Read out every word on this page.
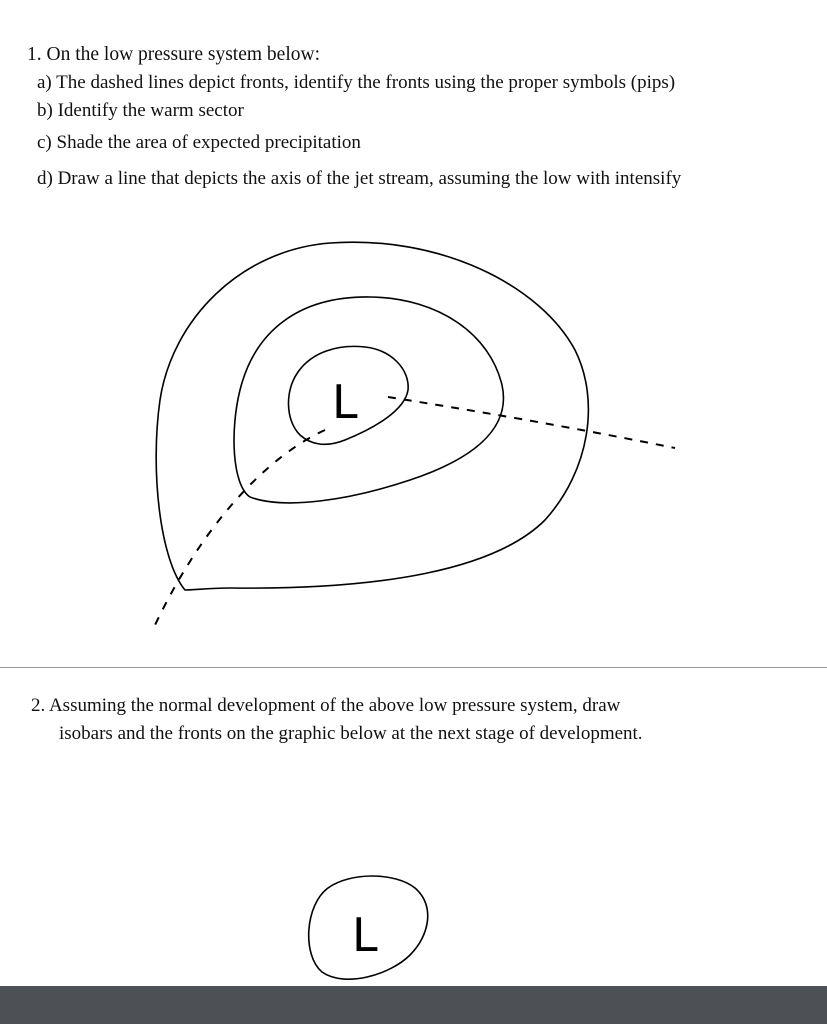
1. On the low pressure system below:
a) The dashed lines depict fronts, identify the fronts using the proper symbols (pips)
b) Identify the warm sector
c) Shade the area of expected precipitation
d) Draw a line that depicts the axis of the jet stream, assuming the low with intensify
L
2. Assuming the normal development of the above low pressure system, draw
isobars and the fronts on the graphic below at the next stage of development.
L
